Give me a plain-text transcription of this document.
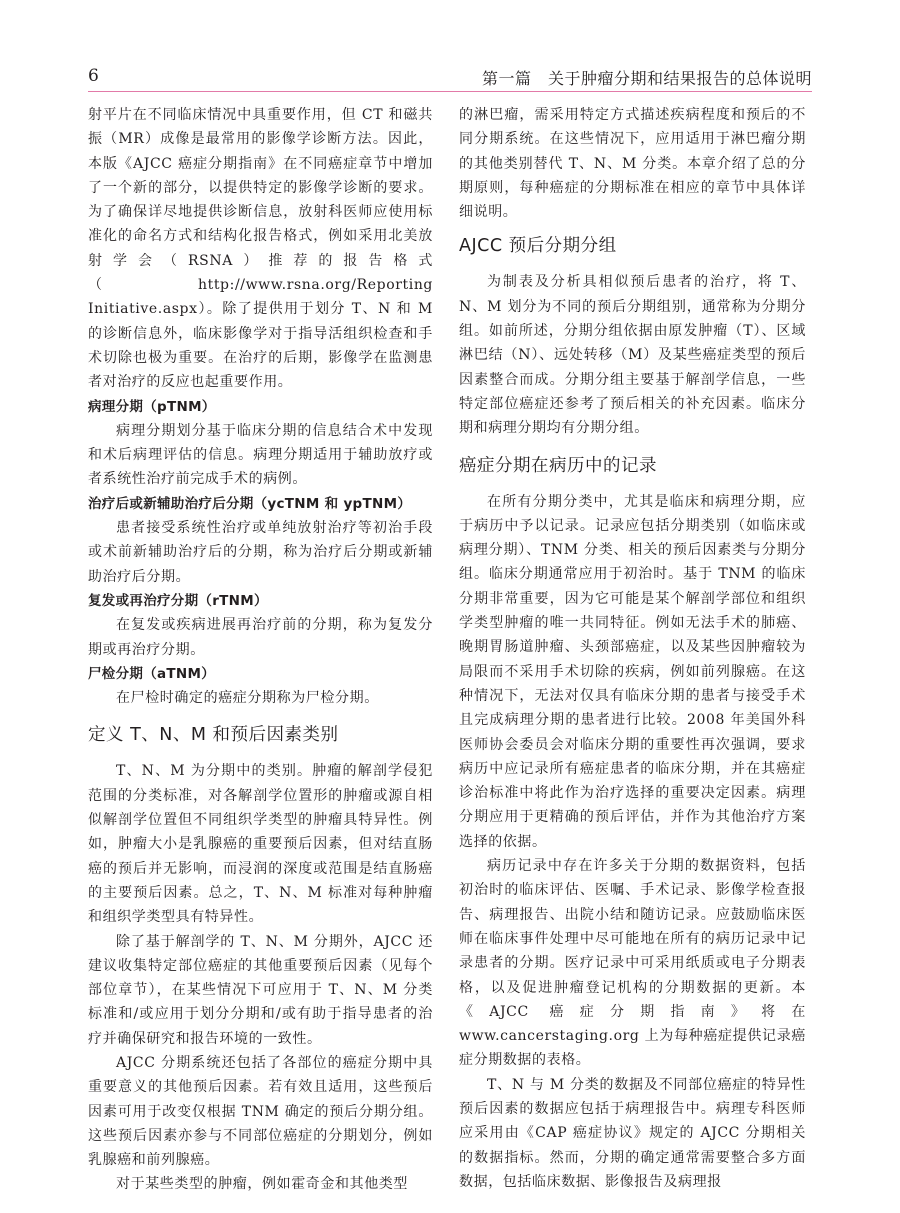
6	第一篇　关于肿瘤分期和结果报告的总体说明

射平片在不同临床情况中具重要作用，但 CT 和磁共振（MR）成像是最常用的影像学诊断方法。因此，本版《AJCC 癌症分期指南》在不同癌症章节中增加了一个新的部分，以提供特定的影像学诊断的要求。为了确保详尽地提供诊断信息，放射科医师应使用标准化的命名方式和结构化报告格式，例如采用北美放射学会（RSNA）推荐的报告格式（http://www.rsna.org/Reporting Initiative.aspx）。除了提供用于划分 T、N 和 M 的诊断信息外，临床影像学对于指导活组织检查和手术切除也极为重要。在治疗的后期，影像学在监测患者对治疗的反应也起重要作用。

病理分期（pTNM）

病理分期划分基于临床分期的信息结合术中发现和术后病理评估的信息。病理分期适用于辅助放疗或者系统性治疗前完成手术的病例。

治疗后或新辅助治疗后分期（ycTNM 和 ypTNM）

患者接受系统性治疗或单纯放射治疗等初治手段或术前新辅助治疗后的分期，称为治疗后分期或新辅助治疗后分期。

复发或再治疗分期（rTNM）

在复发或疾病进展再治疗前的分期，称为复发分期或再治疗分期。

尸检分期（aTNM）

在尸检时确定的癌症分期称为尸检分期。

定义 T、N、M 和预后因素类别

T、N、M 为分期中的类别。肿瘤的解剖学侵犯范围的分类标准，对各解剖学位置形的肿瘤或源自相似解剖学位置但不同组织学类型的肿瘤具特异性。例如，肿瘤大小是乳腺癌的重要预后因素，但对结直肠癌的预后并无影响，而浸润的深度或范围是结直肠癌的主要预后因素。总之，T、N、M 标准对每种肿瘤和组织学类型具有特异性。

除了基于解剖学的 T、N、M 分期外，AJCC 还建议收集特定部位癌症的其他重要预后因素（见每个部位章节），在某些情况下可应用于 T、N、M 分类标准和/或应用于划分分期和/或有助于指导患者的治疗并确保研究和报告环境的一致性。

AJCC 分期系统还包括了各部位的癌症分期中具重要意义的其他预后因素。若有效且适用，这些预后因素可用于改变仅根据 TNM 确定的预后分期分组。这些预后因素亦参与不同部位癌症的分期划分，例如乳腺癌和前列腺癌。

对于某些类型的肿瘤，例如霍奇金和其他类型

的淋巴瘤，需采用特定方式描述疾病程度和预后的不同分期系统。在这些情况下，应用适用于淋巴瘤分期的其他类别替代 T、N、M 分类。本章介绍了总的分期原则，每种癌症的分期标准在相应的章节中具体详细说明。

AJCC 预后分期分组

为制表及分析具相似预后患者的治疗，将 T、N、M 划分为不同的预后分期组别，通常称为分期分组。如前所述，分期分组依据由原发肿瘤（T）、区域淋巴结（N）、远处转移（M）及某些癌症类型的预后因素整合而成。分期分组主要基于解剖学信息，一些特定部位癌症还参考了预后相关的补充因素。临床分期和病理分期均有分期分组。

癌症分期在病历中的记录

在所有分期分类中，尤其是临床和病理分期，应于病历中予以记录。记录应包括分期类别（如临床或病理分期）、TNM 分类、相关的预后因素类与分期分组。临床分期通常应用于初治时。基于 TNM 的临床分期非常重要，因为它可能是某个解剖学部位和组织学类型肿瘤的唯一共同特征。例如无法手术的肺癌、晚期胃肠道肿瘤、头颈部癌症，以及某些因肿瘤较为局限而不采用手术切除的疾病，例如前列腺癌。在这种情况下，无法对仅具有临床分期的患者与接受手术且完成病理分期的患者进行比较。2008 年美国外科医师协会委员会对临床分期的重要性再次强调，要求病历中应记录所有癌症患者的临床分期，并在其癌症诊治标准中将此作为治疗选择的重要决定因素。病理分期应用于更精确的预后评估，并作为其他治疗方案选择的依据。

病历记录中存在许多关于分期的数据资料，包括初治时的临床评估、医嘱、手术记录、影像学检查报告、病理报告、出院小结和随访记录。应鼓励临床医师在临床事件处理中尽可能地在所有的病历记录中记录患者的分期。医疗记录中可采用纸质或电子分期表格，以及促进肿瘤登记机构的分期数据的更新。本《AJCC 癌症分期指南》将在 www.cancerstaging.org 上为每种癌症提供记录癌症分期数据的表格。

T、N 与 M 分类的数据及不同部位癌症的特异性预后因素的数据应包括于病理报告中。病理专科医师应采用由《CAP 癌症协议》规定的 AJCC 分期相关的数据指标。然而，分期的确定通常需要整合多方面数据，包括临床数据、影像报告及病理报
